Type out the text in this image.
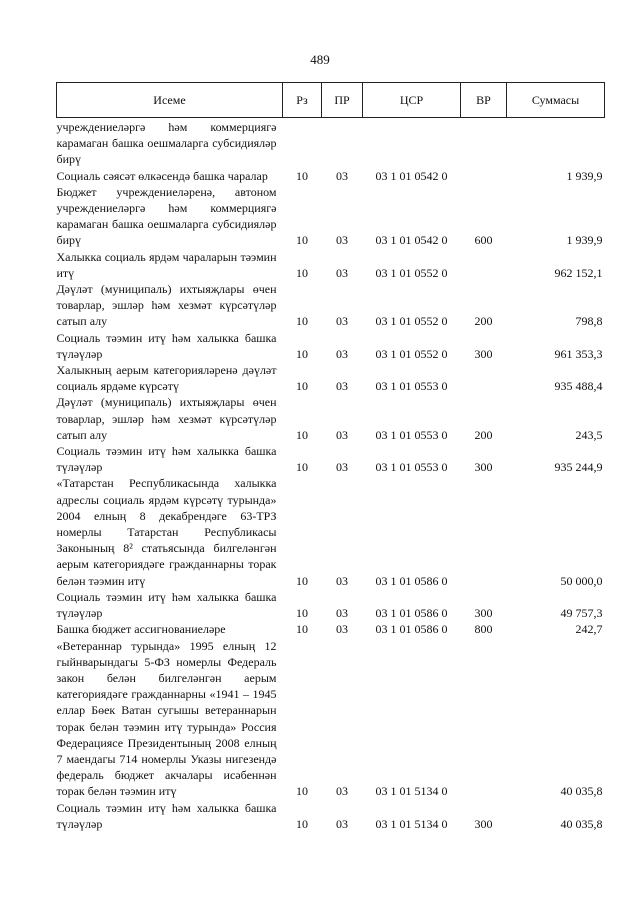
489
Исеме	Рз	ПР	ЦСР	ВР	Суммасы
учреждениеләргә һәм коммерциягә карамаган башка оешмаларга субсидияләр бирү					
Социаль сәясәт өлкәсендә башка чаралар	10	03	03 1 01 0542 0		1 939,9
Бюджет учреждениеләренә, автоном учреждениеләргә һәм коммерциягә карамаган башка оешмаларга субсидияләр бирү	10	03	03 1 01 0542 0	600	1 939,9
Халыкка социаль ярдәм чараларын тәэмин итү	10	03	03 1 01 0552 0		962 152,1
Дәүләт (муниципаль) ихтыяҗлары өчен товарлар, эшләр һәм хезмәт күрсәтүләр сатып алу	10	03	03 1 01 0552 0	200	798,8
Социаль тәэмин итү һәм халыкка башка түләүләр	10	03	03 1 01 0552 0	300	961 353,3
Халыкның аерым категорияләренә дәүләт социаль ярдәме күрсәтү	10	03	03 1 01 0553 0		935 488,4
Дәүләт (муниципаль) ихтыяҗлары өчен товарлар, эшләр һәм хезмәт күрсәтүләр сатып алу	10	03	03 1 01 0553 0	200	243,5
Социаль тәэмин итү һәм халыкка башка түләүләр	10	03	03 1 01 0553 0	300	935 244,9
«Татарстан Республикасында халыкка адреслы социаль ярдәм күрсәтү турында» 2004 елның 8 декабрендәге 63-ТРЗ номерлы Татарстан Республикасы Законының 8² статьясында билгеләнгән аерым категориядәге гражданнарны торак белән тәэмин итү	10	03	03 1 01 0586 0		50 000,0
Социаль тәэмин итү һәм халыкка башка түләүләр	10	03	03 1 01 0586 0	300	49 757,3
Башка бюджет ассигнованиеләре	10	03	03 1 01 0586 0	800	242,7
«Ветераннар турында» 1995 елның 12 гыйнварындагы 5-ФЗ номерлы Федераль закон белән билгеләнгән аерым категориядәге гражданнарны «1941 – 1945 еллар Бөек Ватан сугышы ветераннарын торак белән тәэмин итү турында» Россия Федерациясе Президентының 2008 елның 7 маендагы 714 номерлы Указы нигезендә федераль бюджет акчалары исәбеннән торак белән тәэмин итү	10	03	03 1 01 5134 0		40 035,8
Социаль тәэмин итү һәм халыкка башка түләүләр	10	03	03 1 01 5134 0	300	40 035,8
